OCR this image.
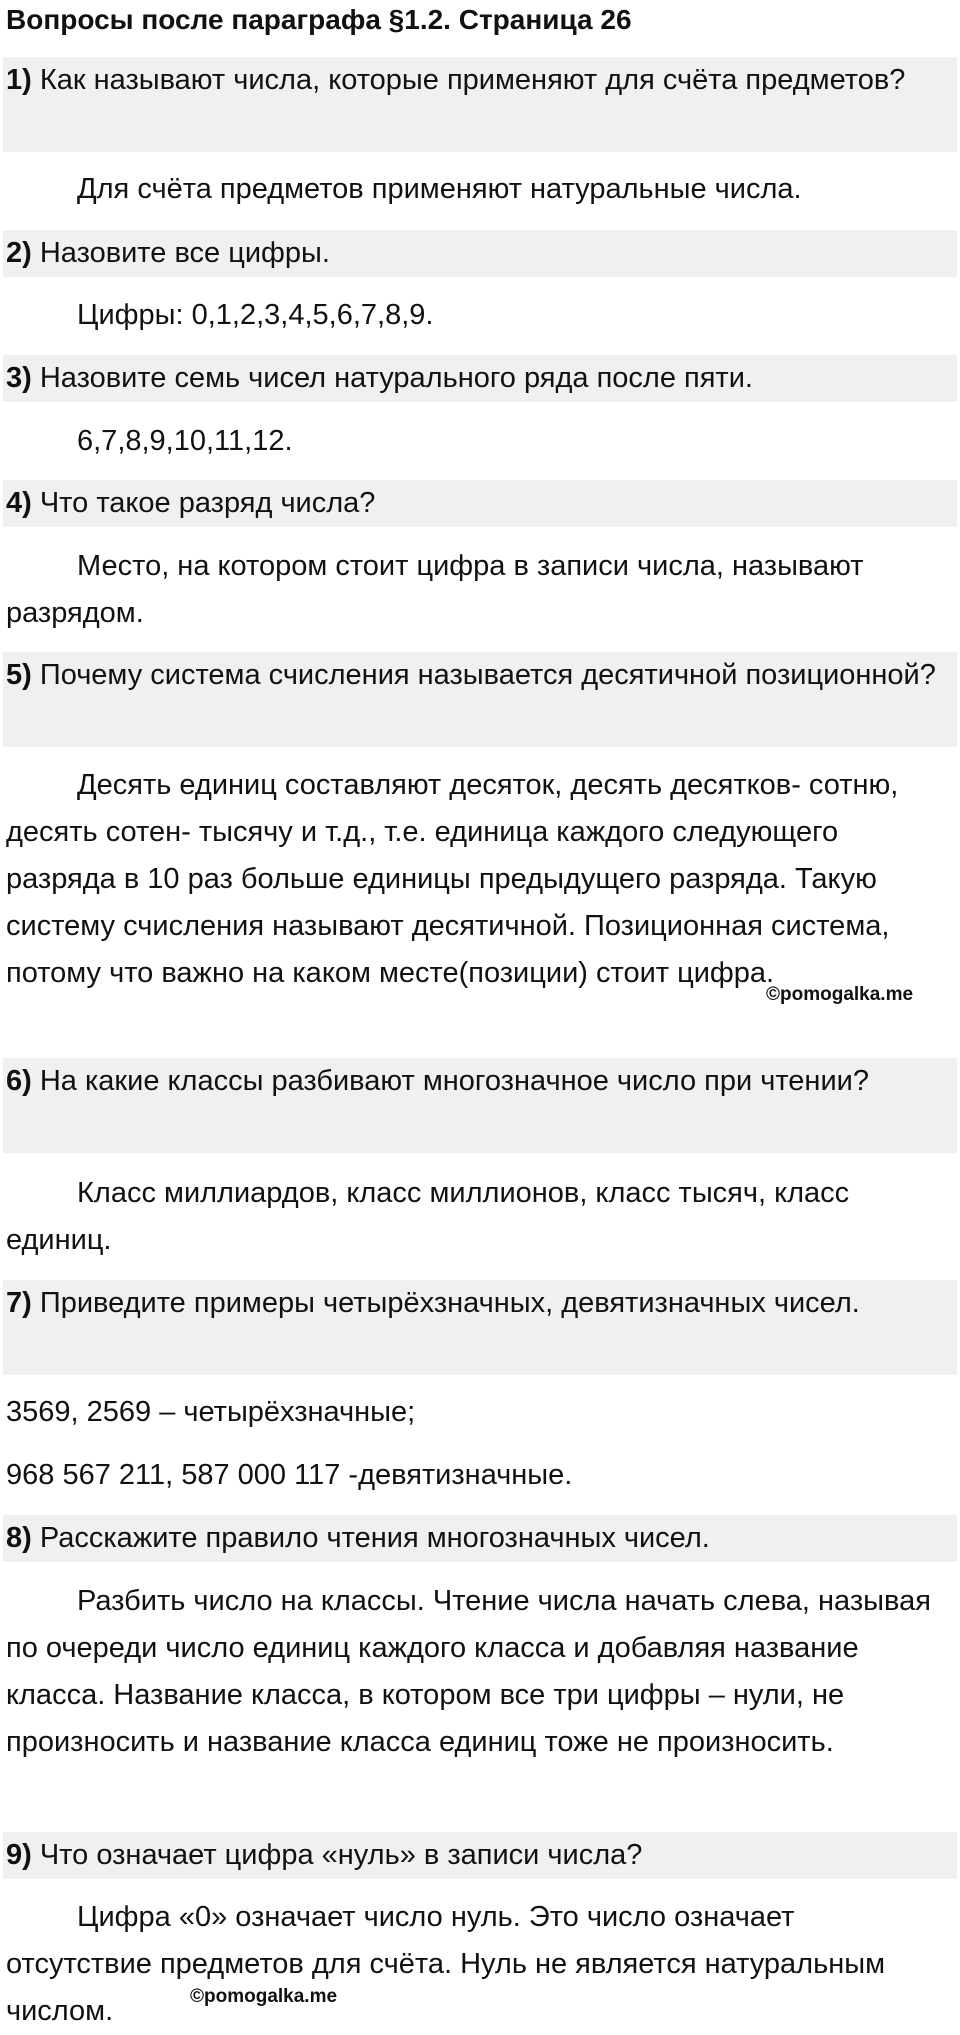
Вопросы после параграфа §1.2. Страница 26
1) Как называют числа, которые применяют для счёта предметов?
Для счёта предметов применяют натуральные числа.
2) Назовите все цифры.
Цифры: 0,1,2,3,4,5,6,7,8,9.
3) Назовите семь чисел натурального ряда после пяти.
6,7,8,9,10,11,12.
4) Что такое разряд числа?
Место, на котором стоит цифра в записи числа, называют разрядом.
5) Почему система счисления называется десятичной позиционной?
Десять единиц составляют десяток, десять десятков- сотню, десять сотен- тысячу и т.д., т.е. единица каждого следующего разряда в 10 раз больше единицы предыдущего разряда. Такую систему счисления называют десятичной. Позиционная система, потому что важно на каком месте(позиции) стоит цифра.
©pomogalka.me
6) На какие классы разбивают многозначное число при чтении?
Класс миллиардов, класс миллионов, класс тысяч, класс единиц.
7) Приведите примеры четырёхзначных, девятизначных чисел.
3569, 2569 – четырёхзначные;
968 567 211, 587 000 117 -девятизначные.
8) Расскажите правило чтения многозначных чисел.
Разбить число на классы. Чтение числа начать слева, называя по очереди число единиц каждого класса и добавляя название класса. Название класса, в котором все три цифры – нули, не произносить и название класса единиц тоже не произносить.
9) Что означает цифра «нуль» в записи числа?
Цифра «0» означает число нуль. Это число означает отсутствие предметов для счёта. Нуль не является натуральным числом.	©pomogalka.me
